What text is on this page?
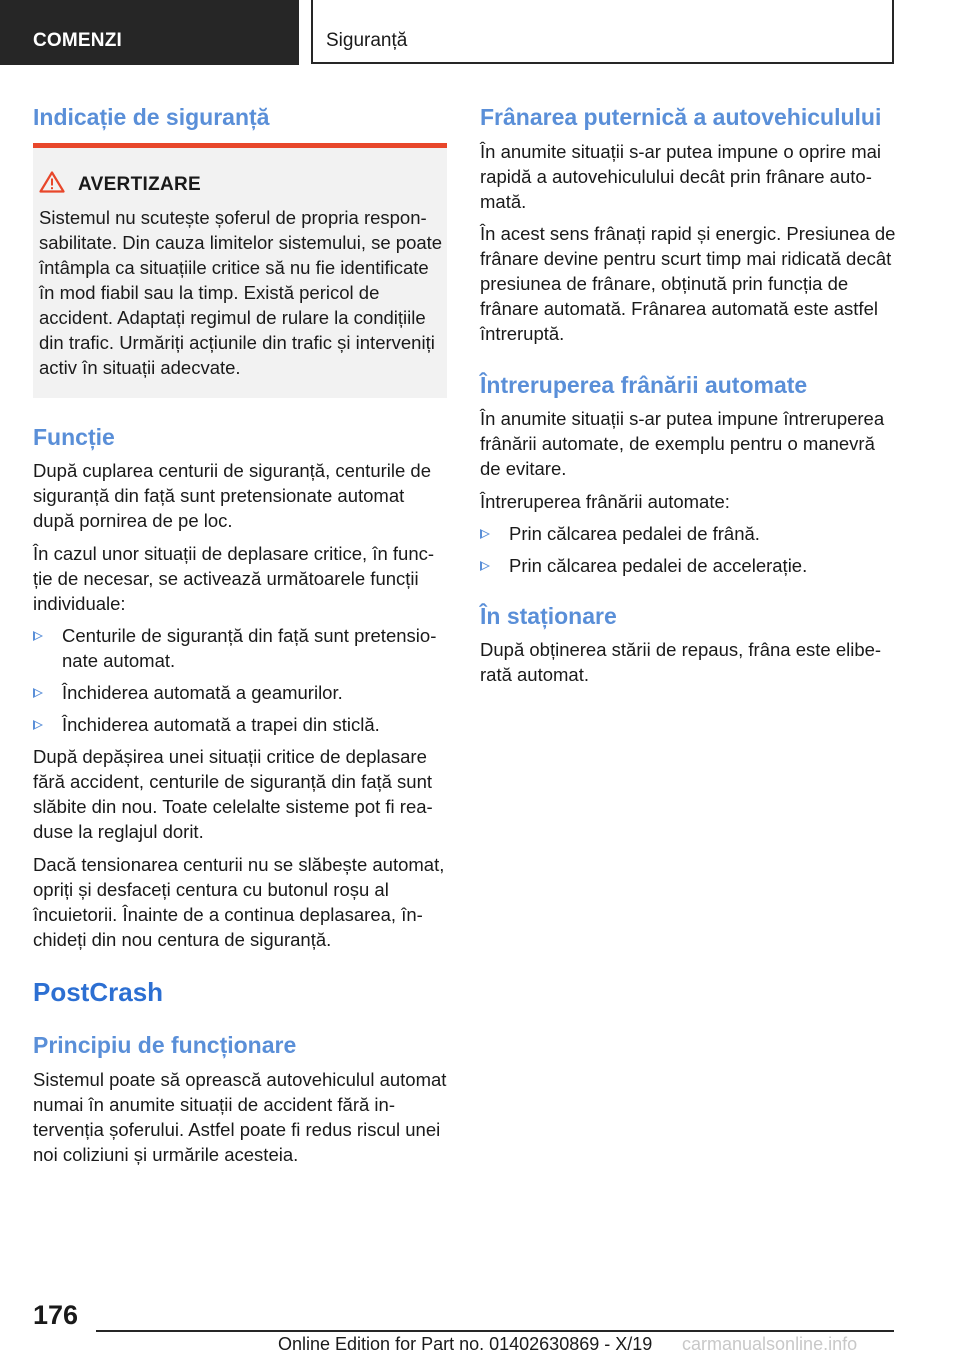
COMENZI	Siguranță
Indicație de siguranță
AVERTIZARE

Sistemul nu scutește șoferul de propria responsabilitate. Din cauza limitelor sistemului, se poate întâmpla ca situațiile critice să nu fie identificate în mod fiabil sau la timp. Există pericol de accident. Adaptați regimul de rulare la condițiile din trafic. Urmăriți acțiunile din trafic și interveniți activ în situații adecvate.

Funcție

După cuplarea centurii de siguranță, centurile de siguranță din față sunt pretensionate automat după pornirea de pe loc.

În cazul unor situații de deplasare critice, în funcție de necesar, se activează următoarele funcții individuale:

Centurile de siguranță din față sunt pretensionate automat.
Închiderea automată a geamurilor.
Închiderea automată a trapei din sticlă.

După depășirea unei situații critice de deplasare fără accident, centurile de siguranță din față sunt slăbite din nou. Toate celelalte sisteme pot fi readuse la reglajul dorit.

Dacă tensionarea centurii nu se slăbește automat, opriți și desfaceți centura cu butonul roșu al încuietorii. Înainte de a continua deplasarea, închideți din nou centura de siguranță.

PostCrash
Principiu de funcționare

Sistemul poate să oprească autovehiculul automat numai în anumite situații de accident fără intervenția șoferului. Astfel poate fi redus riscul unei noi coliziuni și urmările acesteia.

Frânarea puternică a autovehiculului

În anumite situații s-ar putea impune o oprire mai rapidă a autovehiculului decât prin frânare automată.

În acest sens frânați rapid și energic. Presiunea de frânare devine pentru scurt timp mai ridicată decât presiunea de frânare, obținută prin funcția de frânare automată. Frânarea automată este astfel întreruptă.

Întreruperea frânării automate

În anumite situații s-ar putea impune întreruperea frânării automate, de exemplu pentru o manevră de evitare.

Întreruperea frânării automate:

Prin călcarea pedalei de frână.
Prin călcarea pedalei de accelerație.
În staționare

După obținerea stării de repaus, frâna este eliberată automat.

176
Online Edition for Part no. 01402630869 - X/19 carmanualsonline.info
